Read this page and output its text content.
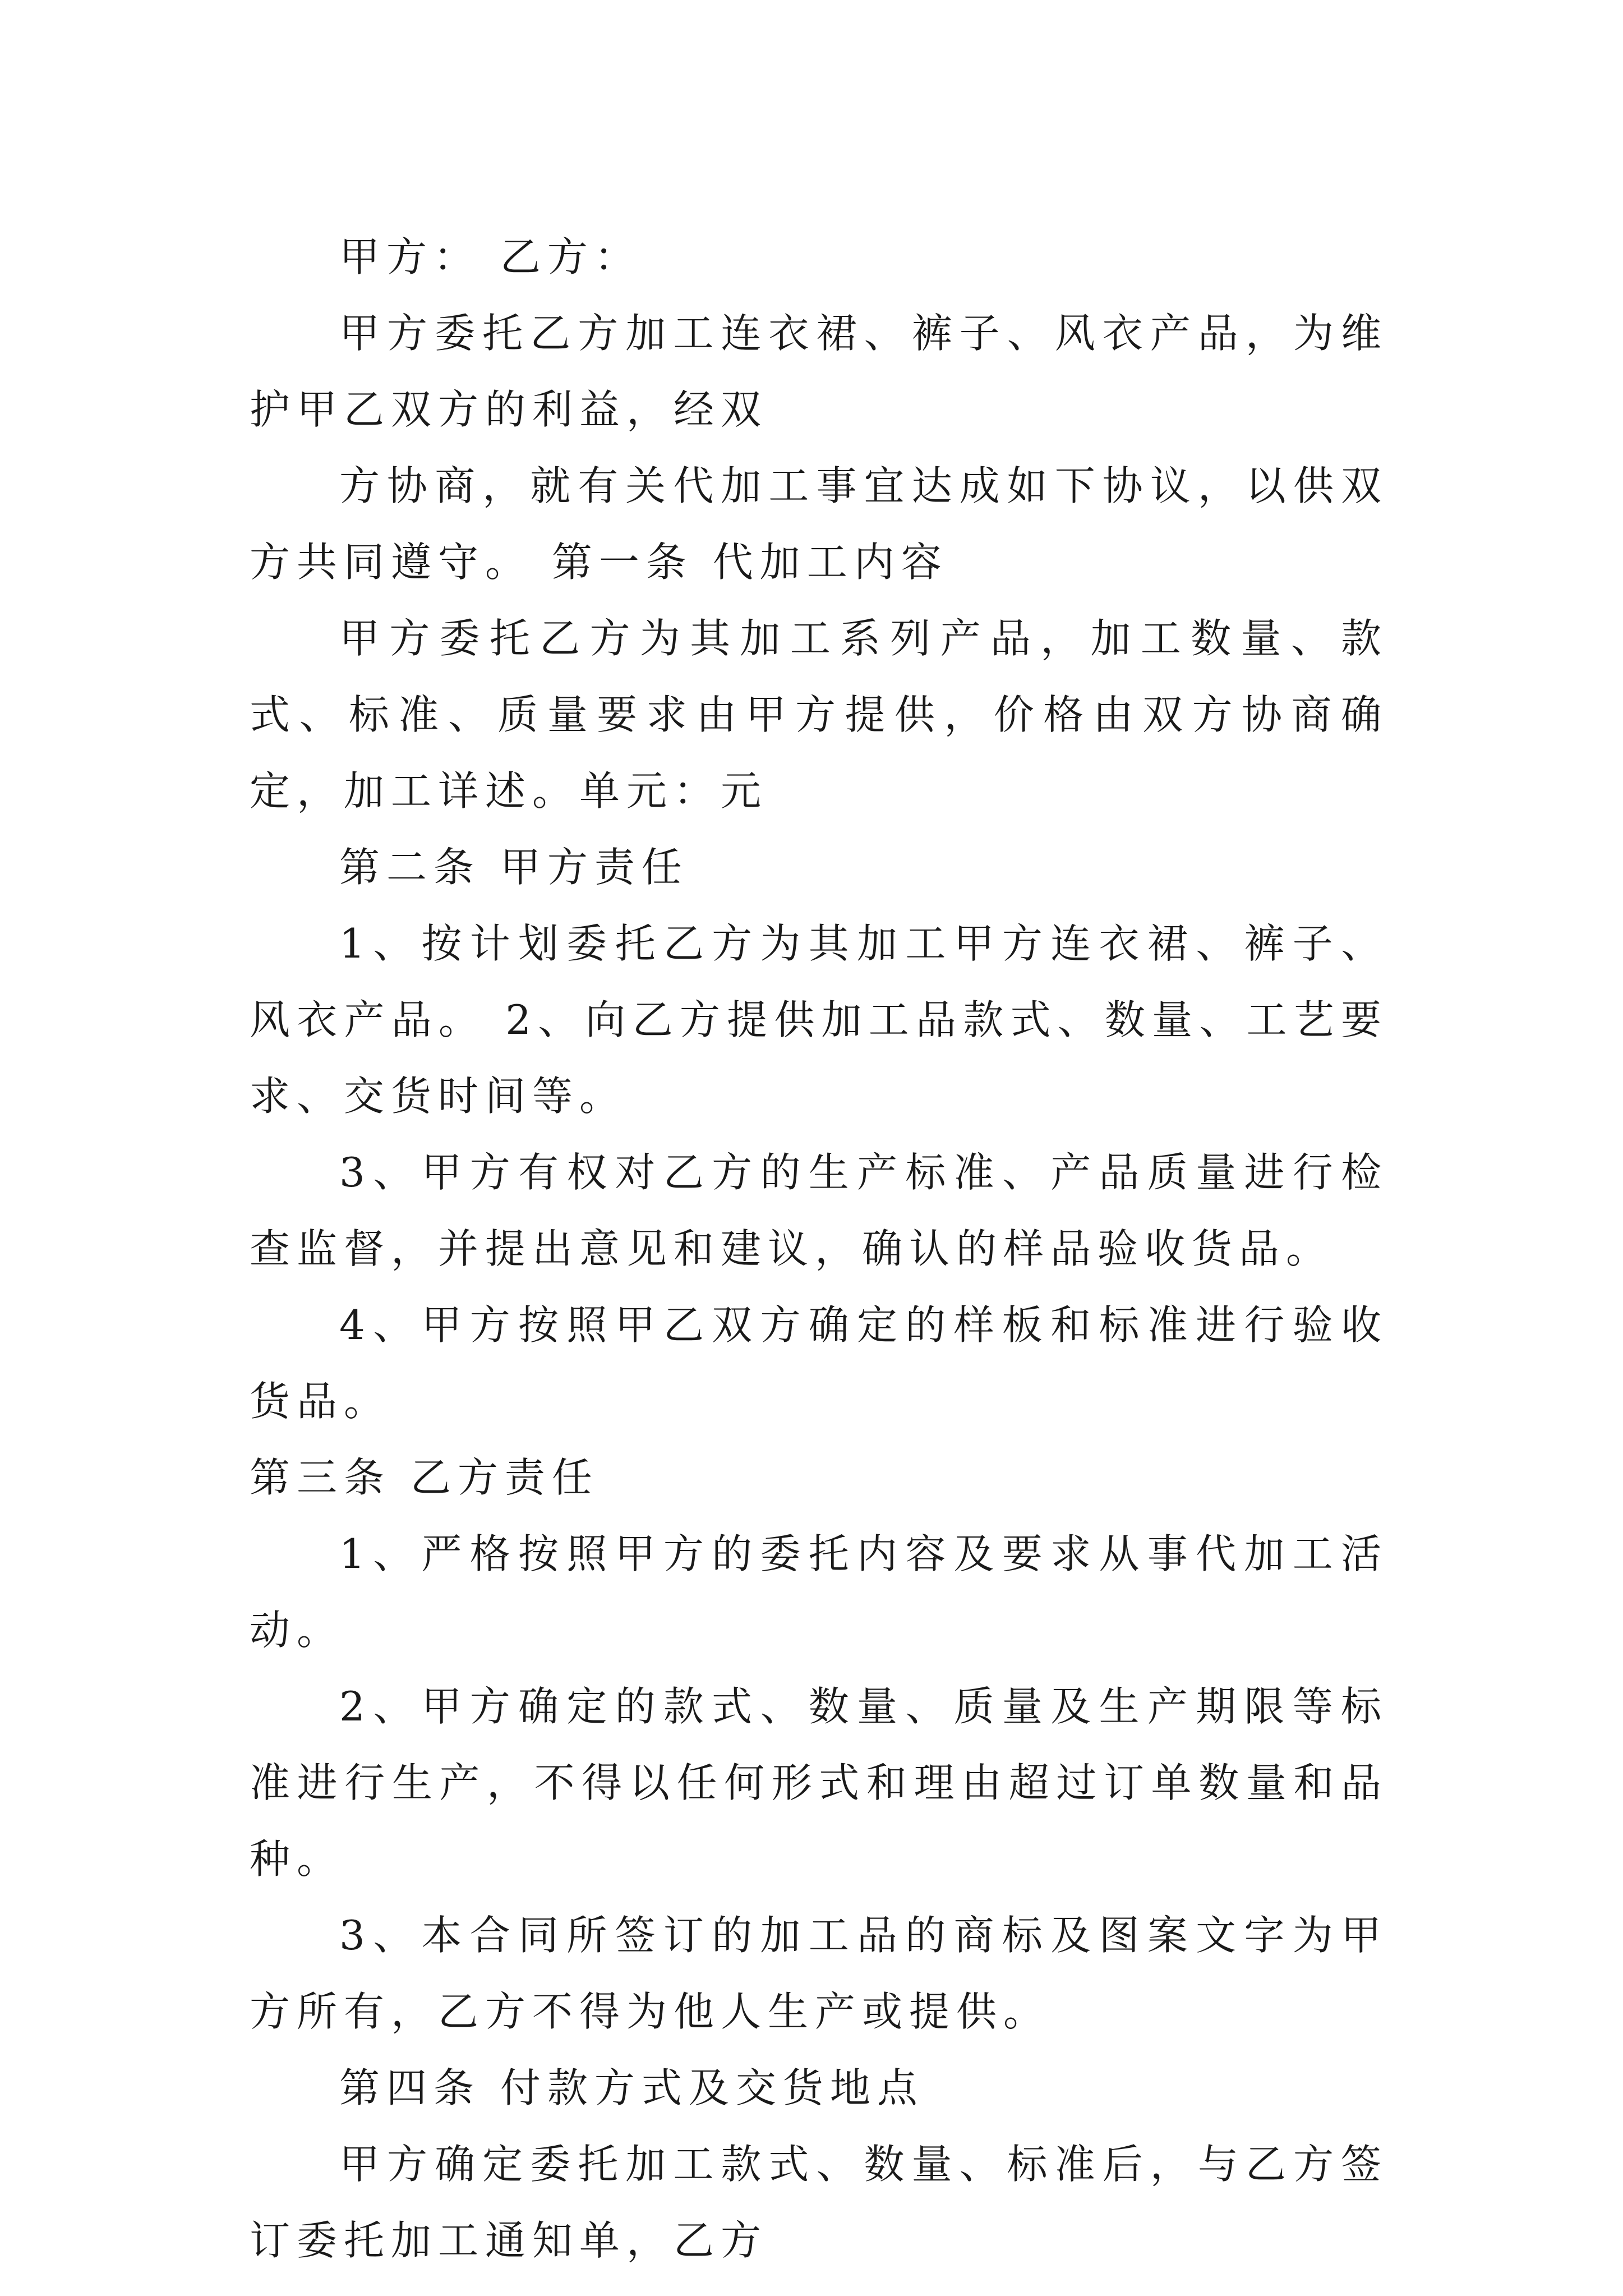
甲方： 乙方：

甲方委托乙方加工连衣裙、裤子、风衣产品，为维护甲乙双方的利益，经双

方协商，就有关代加工事宜达成如下协议，以供双方共同遵守。 第一条 代加工内容

甲方委托乙方为其加工系列产品，加工数量、款式、标准、质量要求由甲方提供，价格由双方协商确定，加工详述。单元：元

第二条 甲方责任

1、按计划委托乙方为其加工甲方连衣裙、裤子、风衣产品。 2、向乙方提供加工品款式、数量、工艺要求、交货时间等。

3、甲方有权对乙方的生产标准、产品质量进行检查监督，并提出意见和建议，确认的样品验收货品。

4、甲方按照甲乙双方确定的样板和标准进行验收货品。

第三条 乙方责任

1、严格按照甲方的委托内容及要求从事代加工活动。

2、甲方确定的款式、数量、质量及生产期限等标准进行生产，不得以任何形式和理由超过订单数量和品种。

3、本合同所签订的加工品的商标及图案文字为甲方所有，乙方不得为他人生产或提供。

第四条 付款方式及交货地点

甲方确定委托加工款式、数量、标准后，与乙方签订委托加工通知单，乙方
